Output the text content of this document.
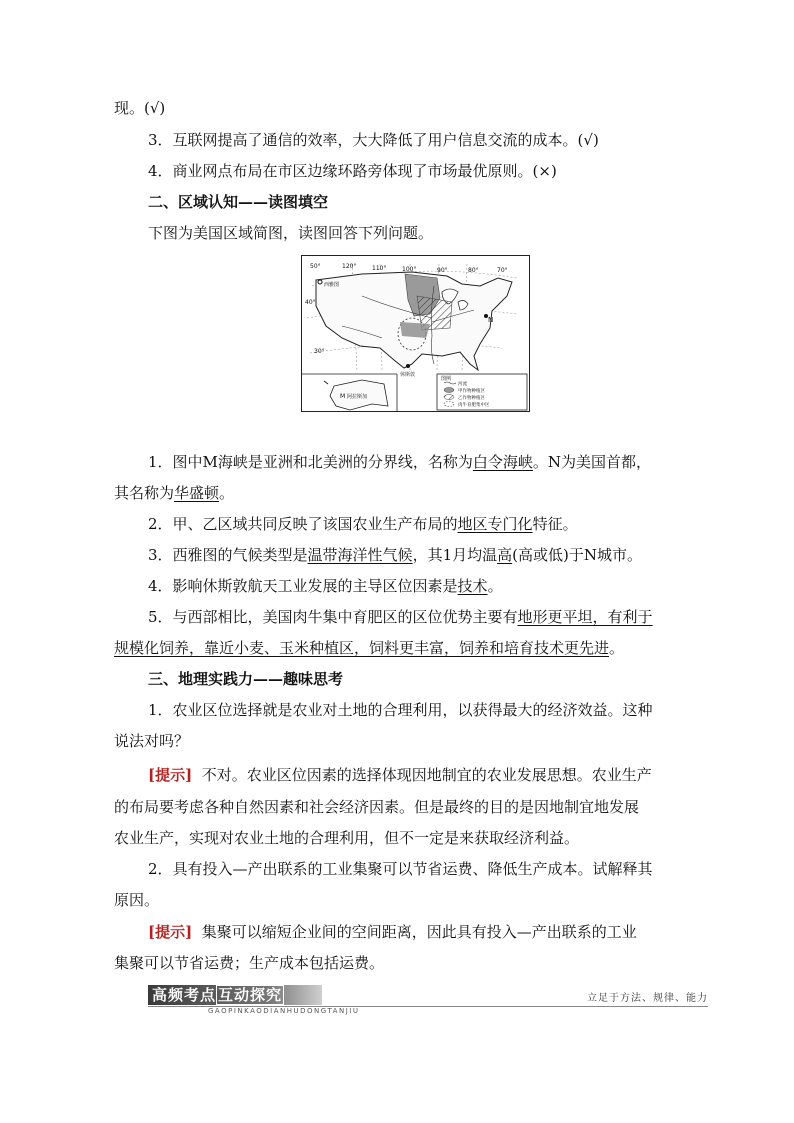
现。(√)
3．互联网提高了通信的效率，大大降低了用户信息交流的成本。(√)
4．商业网点布局在市区边缘环路旁体现了市场最优原则。(×)
二、区域认知——读图填空
下图为美国区域简图，读图回答下列问题。
50°	120°	110°	100°	90°	80°	70°
40°
30°
西雅图
休斯敦
N
M 阿拉斯加
图例
河流
甲作物种植区
乙作物种植区
肉牛育肥集中区
1．图中M海峡是亚洲和北美洲的分界线，名称为白令海峡。N为美国首都，
其名称为华盛顿。
2．甲、乙区域共同反映了该国农业生产布局的地区专门化特征。
3．西雅图的气候类型是温带海洋性气候，其1月均温高(高或低)于N城市。
4．影响休斯敦航天工业发展的主导区位因素是技术。
5．与西部相比，美国肉牛集中育肥区的区位优势主要有地形更平坦，有利于
规模化饲养，靠近小麦、玉米种植区，饲料更丰富，饲养和培育技术更先进。
三、地理实践力——趣味思考
1．农业区位选择就是农业对土地的合理利用，以获得最大的经济效益。这种
说法对吗？
[提示] 不对。农业区位因素的选择体现因地制宜的农业发展思想。农业生产
的布局要考虑各种自然因素和社会经济因素。但是最终的目的是因地制宜地发展
农业生产，实现对农业土地的合理利用，但不一定是来获取经济利益。
2．具有投入—产出联系的工业集聚可以节省运费、降低生产成本。试解释其
原因。
[提示] 集聚可以缩短企业间的空间距离，因此具有投入—产出联系的工业
集聚可以节省运费；生产成本包括运费。
高频考点 互动探究
GAOPINKAODIANHUDONGTANJIU
立足于方法、规律、能力
